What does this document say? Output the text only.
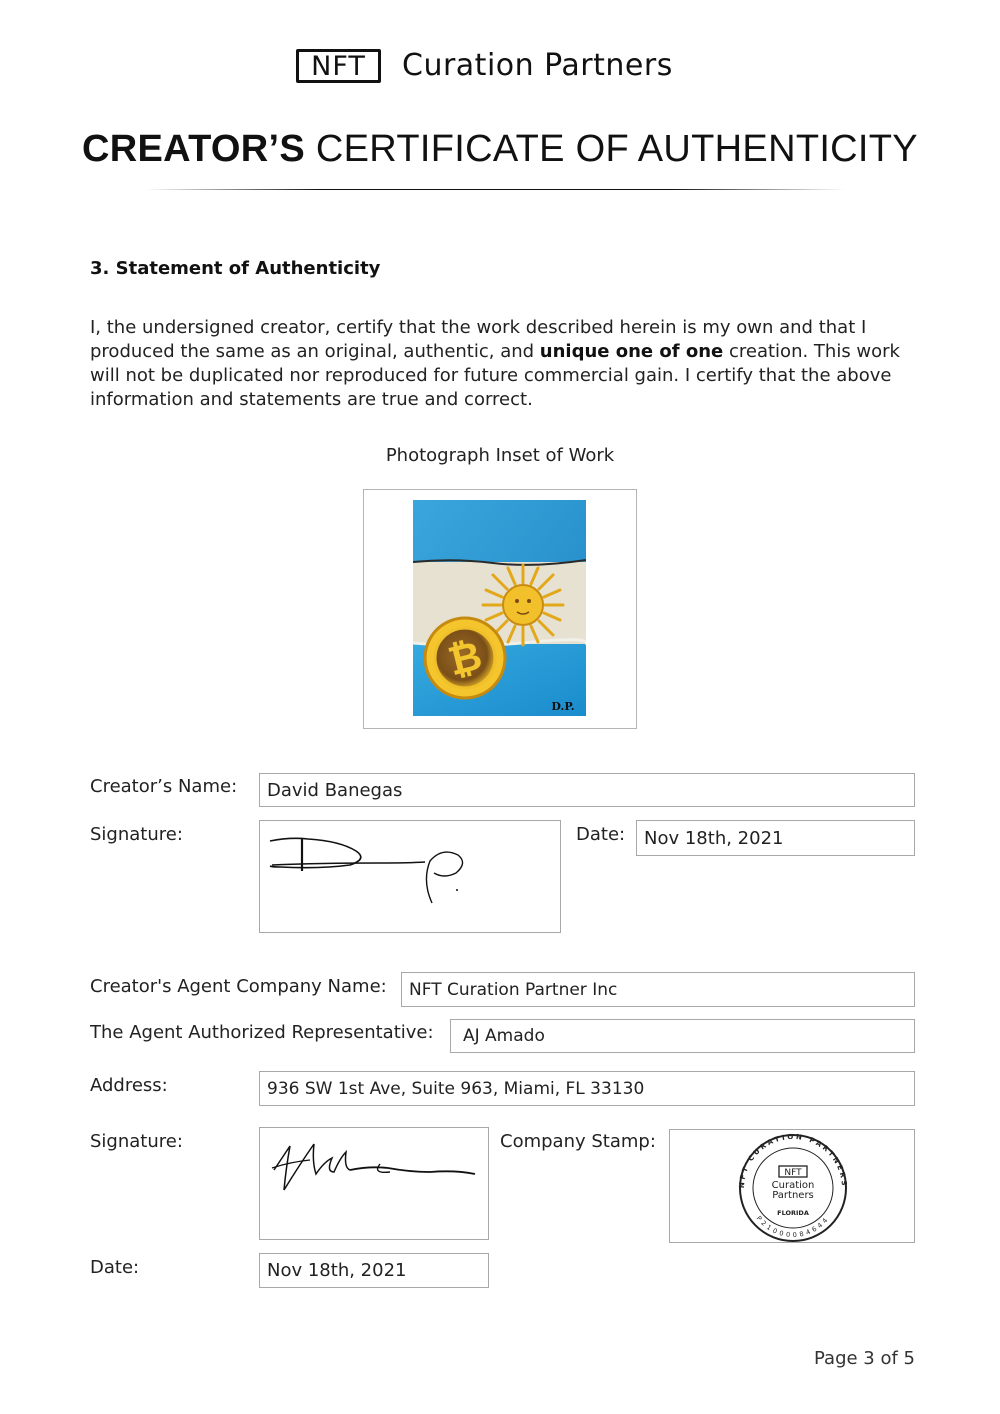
NFT	Curation Partners
CREATOR’S CERTIFICATE OF AUTHENTICITY
3. Statement of Authenticity
I, the undersigned creator, certify that the work described herein is my own and that I produced the same as an original, authentic, and unique one of one creation. This work will not be duplicated nor reproduced for future commercial gain. I certify that the above information and statements are true and correct.
Photograph Inset of Work
₿
D.P.
Creator’s Name:	David Banegas
Signature:	Date:	Nov 18th, 2021
Creator's Agent Company Name:	NFT Curation Partner Inc
The Agent Authorized Representative:	AJ Amado
Address:	936 SW 1st Ave, Suite 963, Miami, FL 33130
Signature:	Company Stamp:
NFT CURATION PARTNERS
P21000084644
NFT
Curation
Partners
FLORIDA
Date:	Nov 18th, 2021
Page 3 of 5
